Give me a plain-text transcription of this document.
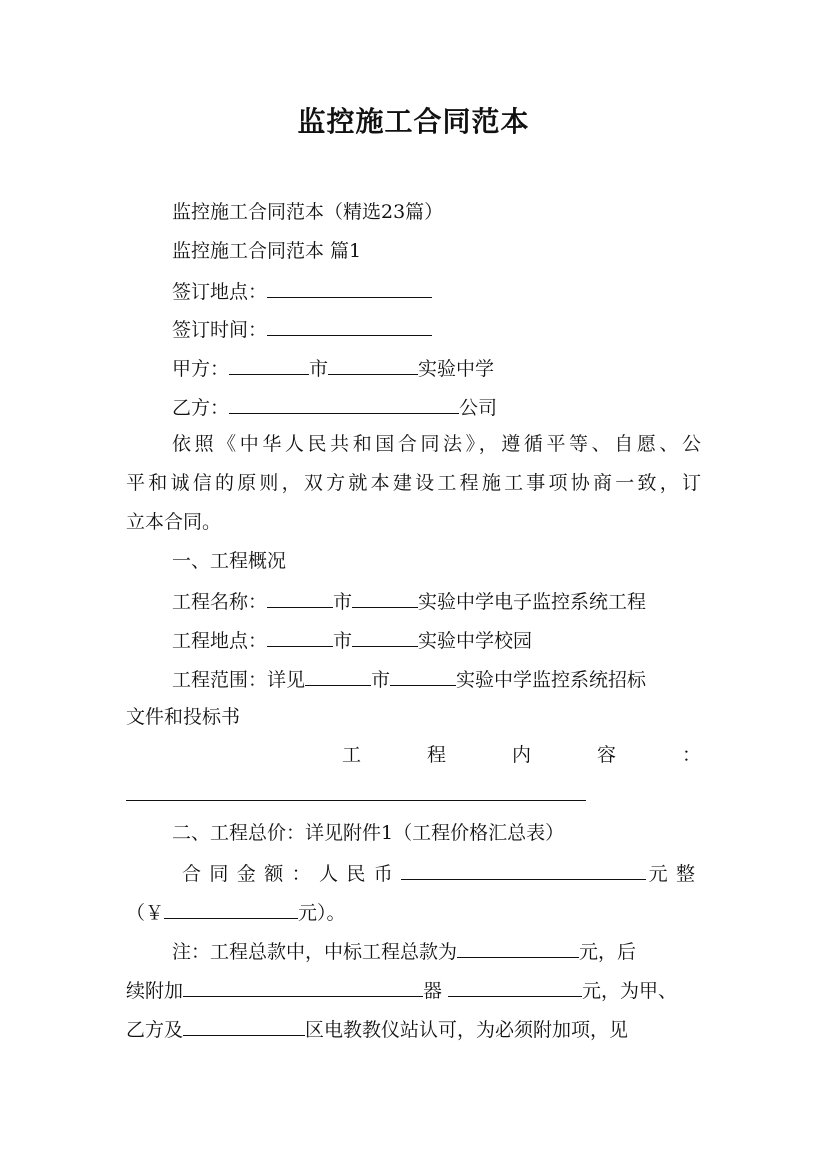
监控施工合同范本
监控施工合同范本（精选23篇）
监控施工合同范本 篇1
签订地点：
签订时间：
甲方：	市	实验中学
乙方：	公司
依照《中华人民共和国合同法》，遵循平等、自愿、公
平和诚信的原则，双方就本建设工程施工事项协商一致，订
立本合同。
一、工程概况
工程名称：	市	实验中学电子监控系统工程
工程地点：	市	实验中学校园
工程范围：详见	市	实验中学监控系统招标
文件和投标书
工 程 内 容 ：
二、工程总价：详见附件1（工程价格汇总表）
合同金额：人民币	元整
（￥	元）。
注：工程总款中，中标工程总款为	元，后
续附加	器	元，为甲、
乙方及	区电教教仪站认可，为必须附加项，见
